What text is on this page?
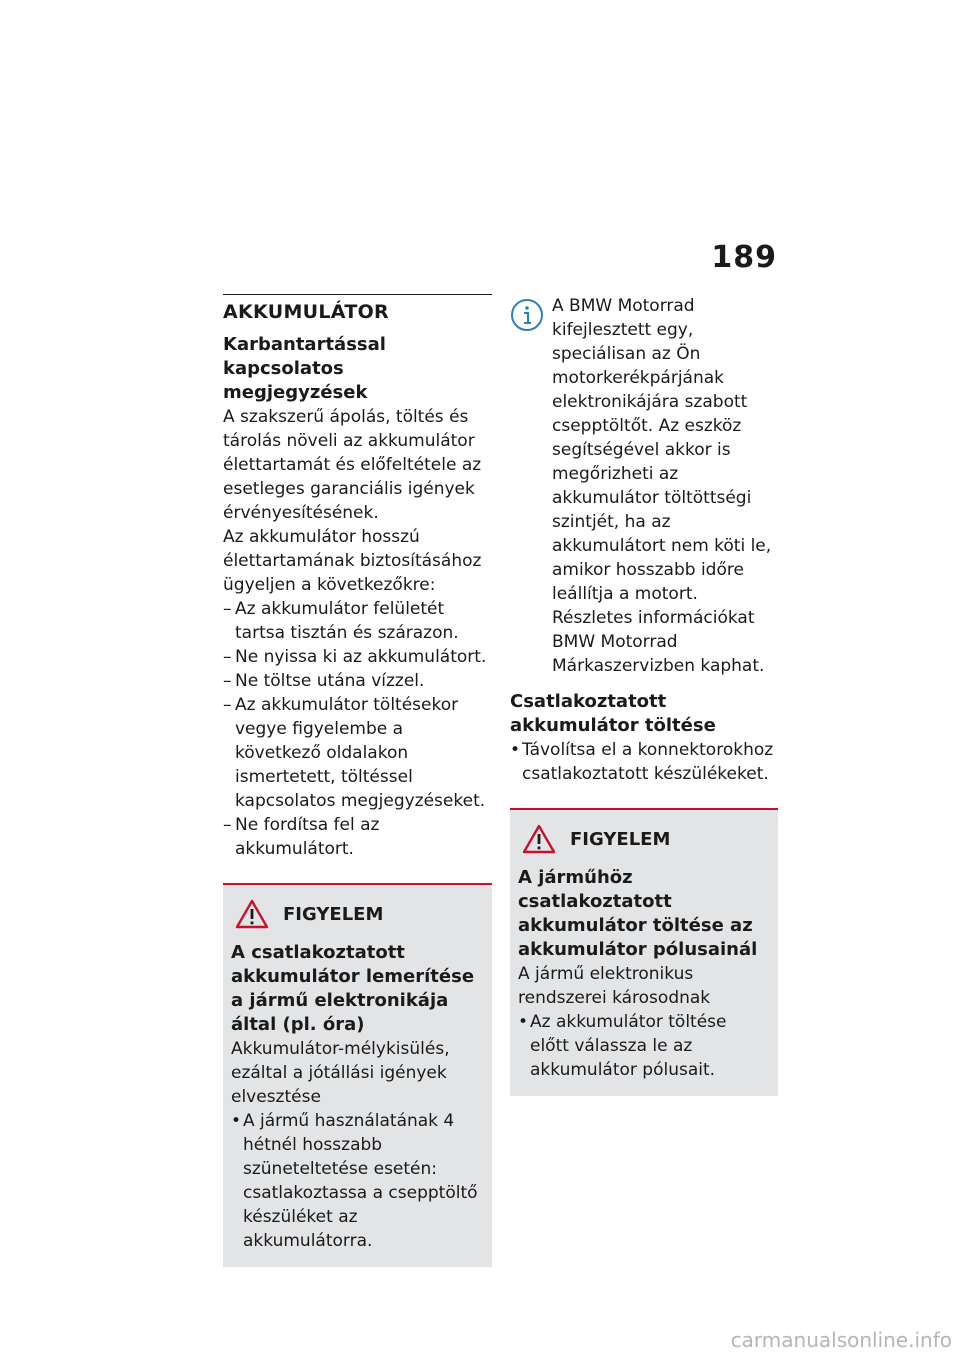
189
AKKUMULÁTOR

Karbantartással kapcsolatos megjegyzések

A szakszerű ápolás, töltés és tárolás növeli az akkumulátor élettartamát és előfeltétele az esetleges garanciális igények érvényesítésének.

Az akkumulátor hosszú élettartamának biztosításához ügyeljen a következőkre:

– Az akkumulátor felületét tartsa tisztán és szárazon.
– Ne nyissa ki az akkumulátort.
– Ne töltse utána vízzel.
– Az akkumulátor töltésekor vegye figyelembe a következő oldalakon ismertetett, töltéssel kapcsolatos megjegyzéseket.
– Ne fordítsa fel az akkumulátort.
FIGYELEM

A csatlakoztatott akkumulátor lemerítése a jármű elektronikája által (pl. óra)

Akkumulátor-mélykisülés, ezáltal a jótállási igények elvesztése

• A jármű használatának 4 hétnél hosszabb szüneteltetése esetén: csatlakoztassa a csepptöltő készüléket az akkumulátorra.

A BMW Motorrad kifejlesztett egy, speciálisan az Ön motorkerékpárjának elektronikájára szabott csepptöltőt. Az eszköz segítségével akkor is megőrizheti az akkumulátor töltöttségi szintjét, ha az akkumulátort nem köti le, amikor hosszabb időre leállítja a motort. Részletes információkat BMW Motorrad Márkaszervizben kaphat.

Csatlakoztatott akkumulátor töltése

• Távolítsa el a konnektorokhoz csatlakoztatott készülékeket.
FIGYELEM

A járműhöz csatlakoztatott akkumulátor töltése az akkumulátor pólusainál

A jármű elektronikus rendszerei károsodnak

• Az akkumulátor töltése előtt válassza le az akkumulátor pólusait.
carmanualsonline.info
